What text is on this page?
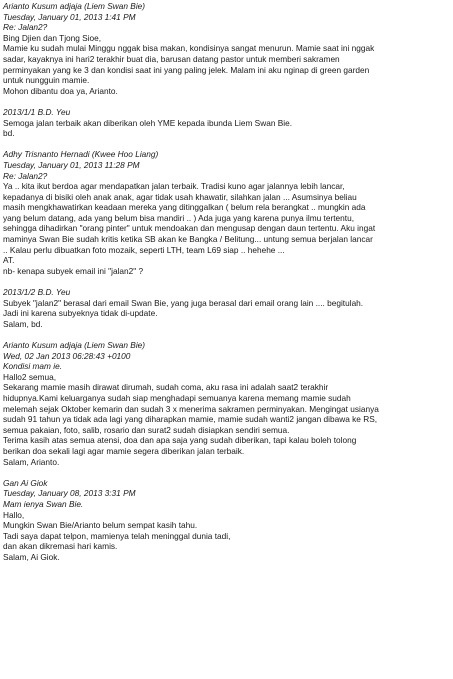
Arianto Kusum adjaja (Liem Swan Bie)
Tuesday, January 01, 2013 1:41 PM
Re: Jalan2?
Bing Djien dan Tjong Sioe,
Mamie ku sudah mulai Minggu nggak bisa makan, kondisinya sangat menurun. Mamie saat ini nggak
sadar, kayaknya ini hari2 terakhir buat dia, barusan datang pastor untuk memberi sakramen
perminyakan yang ke 3 dan kondisi saat ini yang paling jelek. Malam ini aku nginap di green garden
untuk nungguin mamie.
Mohon dibantu doa ya, Arianto.
2013/1/1 B.D. Yeu
Semoga jalan terbaik akan diberikan oleh YME kepada ibunda Liem Swan Bie.
bd.
Adhy Trisnanto Hernadi (Kwee Hoo Liang)
Tuesday, January 01, 2013 11:28 PM
Re: Jalan2?
Ya .. kita ikut berdoa agar mendapatkan jalan terbaik. Tradisi kuno agar jalannya lebih lancar,
kepadanya di bisiki oleh anak anak, agar tidak usah khawatir, silahkan jalan ... Asumsinya beliau
masih mengkhawatirkan keadaan mereka yang ditinggalkan ( belum rela berangkat .. mungkin ada
yang belum datang, ada yang belum bisa mandiri .. ) Ada juga yang karena punya ilmu tertentu,
sehingga dihadirkan "orang pinter" untuk mendoakan dan mengusap dengan daun tertentu. Aku ingat
maminya Swan Bie sudah kritis ketika SB akan ke Bangka / Belitung... untung semua berjalan lancar
.. Kalau perlu dibuatkan foto mozaik, seperti LTH, team L69 siap .. hehehe ...
AT.
nb- kenapa subyek email ini "jalan2" ?
2013/1/2 B.D. Yeu
Subyek "jalan2" berasal dari email Swan Bie, yang juga berasal dari email orang lain .... begitulah.
Jadi ini karena subyeknya tidak di-update.
Salam, bd.
Arianto Kusum adjaja (Liem Swan Bie)
Wed, 02 Jan 2013 06:28:43 +0100
Kondisi mam ie.
Hallo2 semua,
Sekarang mamie masih dirawat dirumah, sudah coma, aku rasa ini adalah saat2 terakhir
hidupnya.Kami keluarganya sudah siap menghadapi semuanya karena memang mamie sudah
melemah sejak Oktober kemarin dan sudah 3 x menerima sakramen perminyakan. Mengingat usianya
sudah 91 tahun ya tidak ada lagi yang diharapkan mamie, mamie sudah wanti2 jangan dibawa ke RS,
semua pakaian, foto, salib, rosario dan surat2 sudah disiapkan sendiri semua.
Terima kasih atas semua atensi, doa dan apa saja yang sudah diberikan, tapi kalau boleh tolong
berikan doa sekali lagi agar mamie segera diberikan jalan terbaik.
Salam, Arianto.
Gan Ai Giok
Tuesday, January 08, 2013 3:31 PM
Mam ienya Swan Bie.
Hallo,
Mungkin Swan Bie/Arianto belum sempat kasih tahu.
Tadi saya dapat telpon, mamienya telah meninggal dunia tadi,
dan akan dikremasi hari kamis.
Salam, Ai Giok.
